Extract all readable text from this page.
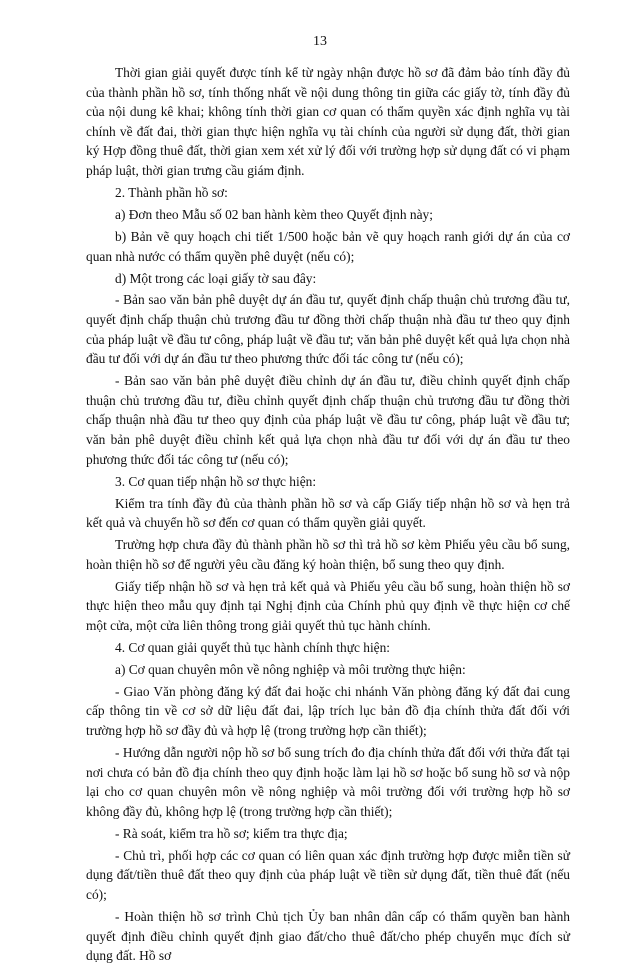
13

Thời gian giải quyết được tính kể từ ngày nhận được hồ sơ đã đảm bảo tính đầy đủ của thành phần hồ sơ, tính thống nhất về nội dung thông tin giữa các giấy tờ, tính đầy đủ của nội dung kê khai; không tính thời gian cơ quan có thẩm quyền xác định nghĩa vụ tài chính về đất đai, thời gian thực hiện nghĩa vụ tài chính của người sử dụng đất, thời gian ký Hợp đồng thuê đất, thời gian xem xét xử lý đối với trường hợp sử dụng đất có vi phạm pháp luật, thời gian trưng cầu giám định.

2. Thành phần hồ sơ:

a) Đơn theo Mẫu số 02 ban hành kèm theo Quyết định này;

b) Bản vẽ quy hoạch chi tiết 1/500 hoặc bản vẽ quy hoạch ranh giới dự án của cơ quan nhà nước có thẩm quyền phê duyệt (nếu có);

d) Một trong các loại giấy tờ sau đây:

- Bản sao văn bản phê duyệt dự án đầu tư, quyết định chấp thuận chủ trương đầu tư, quyết định chấp thuận chủ trương đầu tư đồng thời chấp thuận nhà đầu tư theo quy định của pháp luật về đầu tư công, pháp luật về đầu tư; văn bản phê duyệt kết quả lựa chọn nhà đầu tư đối với dự án đầu tư theo phương thức đối tác công tư (nếu có);

- Bản sao văn bản phê duyệt điều chỉnh dự án đầu tư, điều chỉnh quyết định chấp thuận chủ trương đầu tư, điều chỉnh quyết định chấp thuận chủ trương đầu tư đồng thời chấp thuận nhà đầu tư theo quy định của pháp luật về đầu tư công, pháp luật về đầu tư; văn bản phê duyệt điều chỉnh kết quả lựa chọn nhà đầu tư đối với dự án đầu tư theo phương thức đối tác công tư (nếu có);

3. Cơ quan tiếp nhận hồ sơ thực hiện:

Kiểm tra tính đầy đủ của thành phần hồ sơ và cấp Giấy tiếp nhận hồ sơ và hẹn trả kết quả và chuyển hồ sơ đến cơ quan có thẩm quyền giải quyết.

Trường hợp chưa đầy đủ thành phần hồ sơ thì trả hồ sơ kèm Phiếu yêu cầu bổ sung, hoàn thiện hồ sơ để người yêu cầu đăng ký hoàn thiện, bổ sung theo quy định.

Giấy tiếp nhận hồ sơ và hẹn trả kết quả và Phiếu yêu cầu bổ sung, hoàn thiện hồ sơ thực hiện theo mẫu quy định tại Nghị định của Chính phủ quy định về thực hiện cơ chế một cửa, một cửa liên thông trong giải quyết thủ tục hành chính.

4. Cơ quan giải quyết thủ tục hành chính thực hiện:

a) Cơ quan chuyên môn về nông nghiệp và môi trường thực hiện:

- Giao Văn phòng đăng ký đất đai hoặc chi nhánh Văn phòng đăng ký đất đai cung cấp thông tin về cơ sở dữ liệu đất đai, lập trích lục bản đồ địa chính thửa đất đối với trường hợp hồ sơ đầy đủ và hợp lệ (trong trường hợp cần thiết);

- Hướng dẫn người nộp hồ sơ bổ sung trích đo địa chính thửa đất đối với thửa đất tại nơi chưa có bản đồ địa chính theo quy định hoặc làm lại hồ sơ hoặc bổ sung hồ sơ và nộp lại cho cơ quan chuyên môn về nông nghiệp và môi trường đối với trường hợp hồ sơ không đầy đủ, không hợp lệ (trong trường hợp cần thiết);

- Rà soát, kiểm tra hồ sơ; kiểm tra thực địa;

- Chủ trì, phối hợp các cơ quan có liên quan xác định trường hợp được miễn tiền sử dụng đất/tiền thuê đất theo quy định của pháp luật về tiền sử dụng đất, tiền thuê đất (nếu có);

- Hoàn thiện hồ sơ trình Chủ tịch Ủy ban nhân dân cấp có thẩm quyền ban hành quyết định điều chỉnh quyết định giao đất/cho thuê đất/cho phép chuyển mục đích sử dụng đất. Hồ sơ
